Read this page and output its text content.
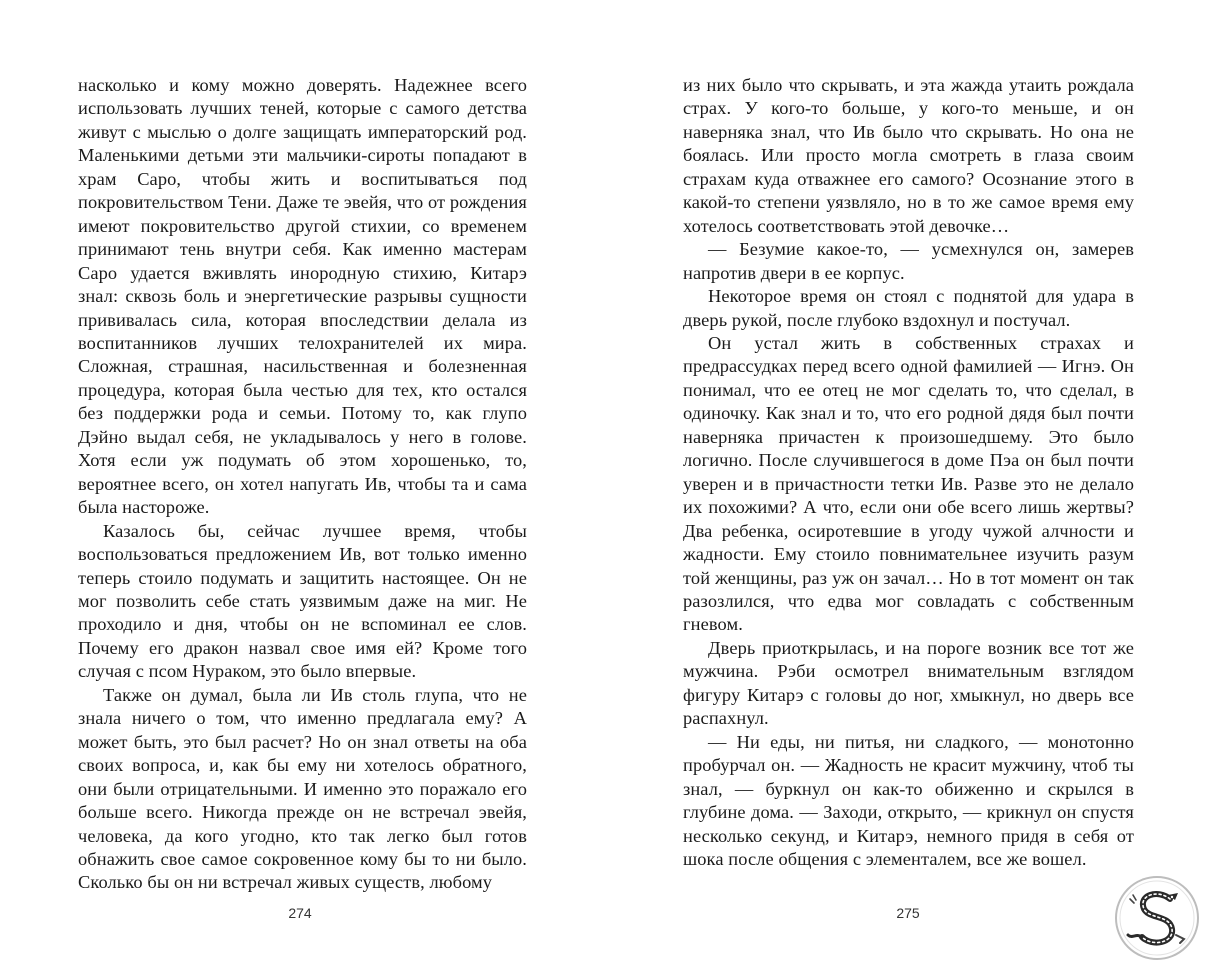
насколько и кому можно доверять. Надежнее всего использовать лучших теней, которые с самого детства живут с мыслью о долге защищать императорский род. Маленькими детьми эти мальчики-сироты попадают в храм Саро, чтобы жить и воспитываться под покровительством Тени. Даже те эвейя, что от рождения имеют покровительство другой стихии, со временем принимают тень внутри себя. Как именно мастерам Саро удается вживлять инородную стихию, Китарэ знал: сквозь боль и энергетические разрывы сущности прививалась сила, которая впоследствии делала из воспитанников лучших телохранителей их мира. Сложная, страшная, насильственная и болезненная процедура, которая была честью для тех, кто остался без поддержки рода и семьи. Потому то, как глупо Дэйно выдал себя, не укладывалось у него в голове. Хотя если уж подумать об этом хорошенько, то, вероятнее всего, он хотел напугать Ив, чтобы та и сама была настороже.

Казалось бы, сейчас лучшее время, чтобы воспользоваться предложением Ив, вот только именно теперь стоило подумать и защитить настоящее. Он не мог позволить себе стать уязвимым даже на миг. Не проходило и дня, чтобы он не вспоминал ее слов. Почему его дракон назвал свое имя ей? Кроме того случая с псом Нураком, это было впервые.

Также он думал, была ли Ив столь глупа, что не знала ничего о том, что именно предлагала ему? А может быть, это был расчет? Но он знал ответы на оба своих вопроса, и, как бы ему ни хотелось обратного, они были отрицательными. И именно это поражало его больше всего. Никогда прежде он не встречал эвейя, человека, да кого угодно, кто так легко был готов обнажить свое самое сокровенное кому бы то ни было. Сколько бы он ни встречал живых существ, любому

274

из них было что скрывать, и эта жажда утаить рождала страх. У кого-то больше, у кого-то меньше, и он наверняка знал, что Ив было что скрывать. Но она не боялась. Или просто могла смотреть в глаза своим страхам куда отважнее его самого? Осознание этого в какой-то степени уязвляло, но в то же самое время ему хотелось соответствовать этой девочке…

— Безумие какое-то, — усмехнулся он, замерев напротив двери в ее корпус.

Некоторое время он стоял с поднятой для удара в дверь рукой, после глубоко вздохнул и постучал.

Он устал жить в собственных страхах и предрассудках перед всего одной фамилией — Игнэ. Он понимал, что ее отец не мог сделать то, что сделал, в одиночку. Как знал и то, что его родной дядя был почти наверняка причастен к произошедшему. Это было логично. После случившегося в доме Пэа он был почти уверен и в причастности тетки Ив. Разве это не делало их похожими? А что, если они обе всего лишь жертвы? Два ребенка, осиротевшие в угоду чужой алчности и жадности. Ему стоило повнимательнее изучить разум той женщины, раз уж он зачал… Но в тот момент он так разозлился, что едва мог совладать с собственным гневом.

Дверь приоткрылась, и на пороге возник все тот же мужчина. Рэби осмотрел внимательным взглядом фигуру Китарэ с головы до ног, хмыкнул, но дверь все распахнул.

— Ни еды, ни питья, ни сладкого, — монотонно пробурчал он. — Жадность не красит мужчину, чтоб ты знал, — буркнул он как-то обиженно и скрылся в глубине дома. — Заходи, открыто, — крикнул он спустя несколько секунд, и Китарэ, немного придя в себя от шока после общения с элементалем, все же вошел.

275
